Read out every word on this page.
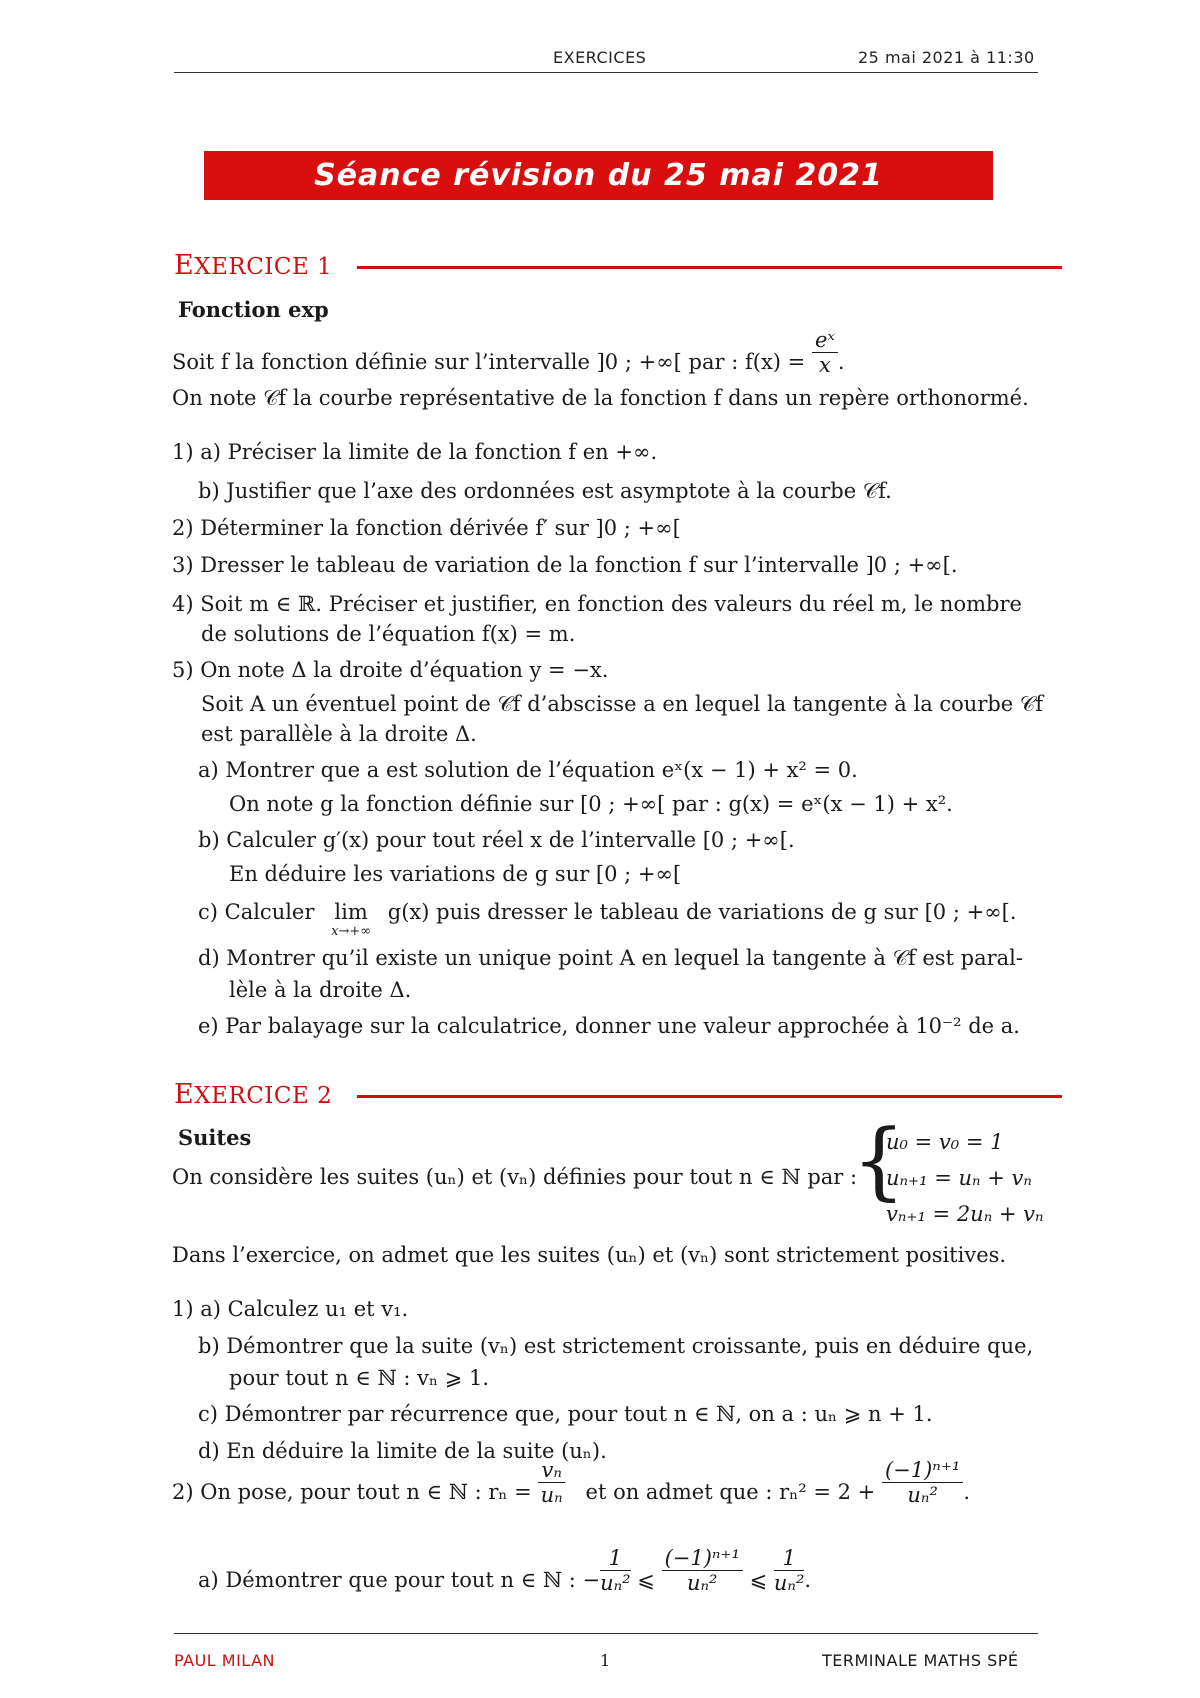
EXERCICES	25 mai 2021 à 11:30
Séance révision du 25 mai 2021
EXERCICE 1
Fonction exp
Soit f la fonction définie sur l’intervalle ]0 ; +∞[ par : $f(x) = \frac{\text{eˣ}}{x}$ .
On note 𝒞f la courbe représentative de la fonction f dans un repère orthonormé.
1) a) Préciser la limite de la fonction f en +∞.
b) Justifier que l’axe des ordonnées est asymptote à la courbe 𝒞f.
2) Déterminer la fonction dérivée f′ sur ]0 ; +∞[
3) Dresser le tableau de variation de la fonction f sur l’intervalle ]0 ; +∞[.
4) Soit m ∈ ℝ. Préciser et justifier, en fonction des valeurs du réel m, le nombre
de solutions de l’équation f(x) = m.
5) On note Δ la droite d’équation y = −x.
Soit A un éventuel point de 𝒞f d’abscisse a en lequel la tangente à la courbe 𝒞f
est parallèle à la droite Δ.
a) Montrer que a est solution de l’équation eˣ(x − 1) + x² = 0.
On note g la fonction définie sur [0 ; +∞[ par : g(x) = eˣ(x − 1) + x².
b) Calculer g′(x) pour tout réel x de l’intervalle [0 ; +∞[.
En déduire les variations de g sur [0 ; +∞[
c) Calculer lim
x→+∞
g(x) puis dresser le tableau de variations de g sur [0 ; +∞[.
d) Montrer qu’il existe un unique point A en lequel la tangente à 𝒞f est paral-
lèle à la droite Δ.
e) Par balayage sur la calculatrice, donner une valeur approchée à 10⁻² de a.
EXERCICE 2
Suites
On considère les suites (uₙ) et (vₙ) définies pour tout n ∈ ℕ par :
{
u₀ = v₀ = 1
uₙ₊₁ = uₙ + vₙ
vₙ₊₁ = 2uₙ + vₙ
Dans l’exercice, on admet que les suites (uₙ) et (vₙ) sont strictement positives.
1) a) Calculez u₁ et v₁.
b) Démontrer que la suite (vₙ) est strictement croissante, puis en déduire que,
pour tout n ∈ ℕ : vₙ ⩾ 1.
c) Démontrer par récurrence que, pour tout n ∈ ℕ, on a : uₙ ⩾ n + 1.
d) En déduire la limite de la suite (uₙ).
2) On pose, pour tout n ∈ ℕ : $r_n = \frac{\text{vₙ}}{\text{uₙ}}$ et on admet que : $r_n^2 = 2 + \frac{\text{(−1)ⁿ⁺¹}}{\text{uₙ²}}$ .
a) Démontrer que pour tout n ∈ ℕ : − $\frac{1}{\text{uₙ²}}$ ⩽ $\frac{\text{(−1)ⁿ⁺¹}}{\text{uₙ²}}$ ⩽ $\frac{1}{\text{uₙ²}}$ .
PAUL MILAN	1	TERMINALE MATHS SPÉ
